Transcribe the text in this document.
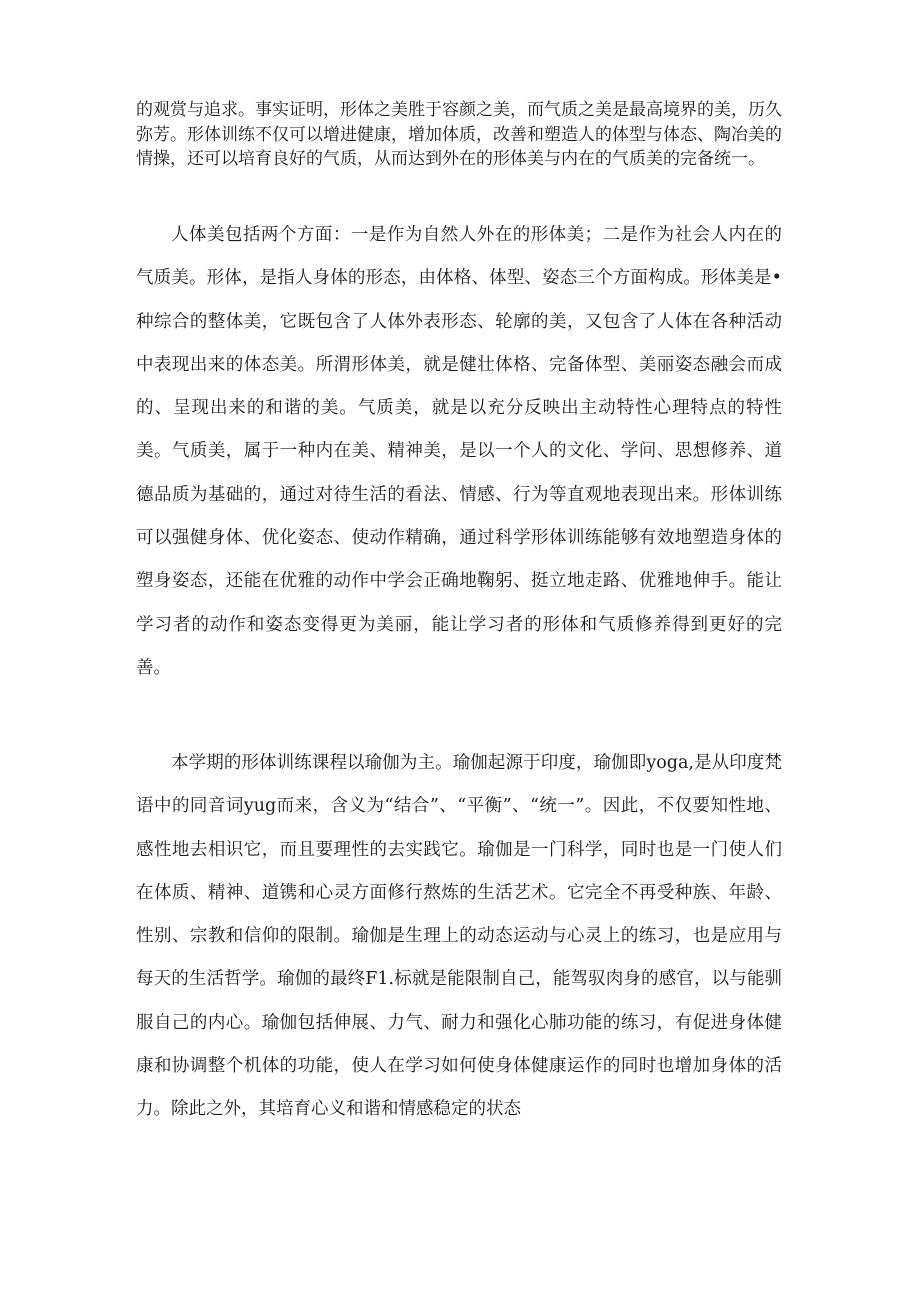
的观赏与追求。事实证明，形体之美胜于容颜之美，而气质之美是最高境界的美，历久弥芳。形体训练不仅可以增进健康，增加体质，改善和塑造人的体型与体态、陶冶美的情操，还可以培育良好的气质，从而达到外在的形体美与内在的气质美的完备统一。

人体美包括两个方面：一是作为自然人外在的形体美；二是作为社会人内在的气质美。形体，是指人身体的形态，由体格、体型、姿态三个方面构成。形体美是•种综合的整体美，它既包含了人体外表形态、轮廓的美，又包含了人体在各种活动中表现出来的体态美。所渭形体美，就是健壮体格、完备体型、美丽姿态融会而成的、呈现出来的和谐的美。气质美，就是以充分反映出主动特性心理特点的特性美。气质美，属于一种内在美、精神美，是以一个人的文化、学问、思想修养、道德品质为基础的，通过对待生活的看法、情感、行为等直观地表现出来。形体训练可以强健身体、优化姿态、使动作精确，通过科学形体训练能够有效地塑造身体的塑身姿态，还能在优雅的动作中学会正确地鞠躬、挺立地走路、优雅地伸手。能让学习者的动作和姿态变得更为美丽，能让学习者的形体和气质修养得到更好的完善。

本学期的形体训练课程以瑜伽为主。瑜伽起源于印度，瑜伽即yoga,是从印度梵语中的同音词yug而来，含义为“结合”、“平衡”、“统一”。因此，不仅要知性地、感性地去相识它，而且要理性的去实践它。瑜伽是一门科学，同时也是一门使人们在体质、精神、道镌和心灵方面修行熬炼的生活艺术。它完全不再受种族、年龄、性别、宗教和信仰的限制。瑜伽是生理上的动态运动与心灵上的练习，也是应用与每天的生活哲学。瑜伽的最终F1.标就是能限制自己，能驾驭肉身的感官，以与能驯服自己的内心。瑜伽包括伸展、力气、耐力和强化心肺功能的练习，有促进身体健康和协调整个机体的功能，使人在学习如何使身体健康运作的同时也增加身体的活力。除此之外，其培育心义和谐和情感稳定的状态
